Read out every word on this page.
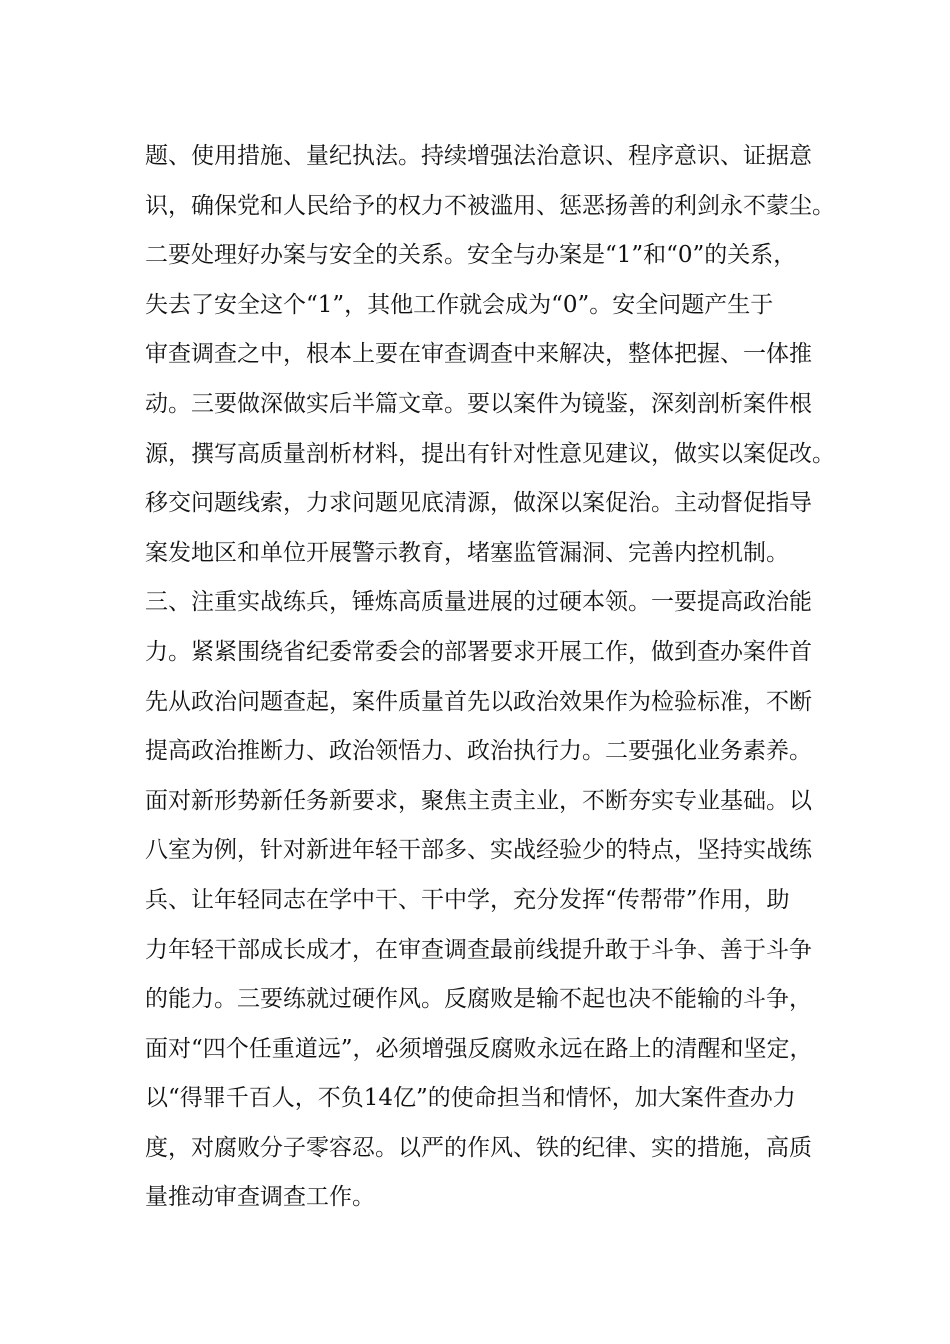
题、使用措施、量纪执法。持续增强法治意识、程序意识、证据意
识，确保党和人民给予的权力不被滥用、惩恶扬善的利剑永不蒙尘。
二要处理好办案与安全的关系。安全与办案是“1”和“0”的关系，
失去了安全这个“1”，其他工作就会成为“0”。安全问题产生于
审查调查之中，根本上要在审查调查中来解决，整体把握、一体推
动。三要做深做实后半篇文章。要以案件为镜鉴，深刻剖析案件根
源，撰写高质量剖析材料，提出有针对性意见建议，做实以案促改。
移交问题线索，力求问题见底清源，做深以案促治。主动督促指导
案发地区和单位开展警示教育，堵塞监管漏洞、完善内控机制。
三、注重实战练兵，锤炼高质量进展的过硬本领。一要提高政治能
力。紧紧围绕省纪委常委会的部署要求开展工作，做到查办案件首
先从政治问题查起，案件质量首先以政治效果作为检验标准，不断
提高政治推断力、政治领悟力、政治执行力。二要强化业务素养。
面对新形势新任务新要求，聚焦主责主业，不断夯实专业基础。以
八室为例，针对新进年轻干部多、实战经验少的特点，坚持实战练
兵、让年轻同志在学中干、干中学，充分发挥“传帮带”作用，助
力年轻干部成长成才，在审查调查最前线提升敢于斗争、善于斗争
的能力。三要练就过硬作风。反腐败是输不起也决不能输的斗争，
面对“四个任重道远”，必须增强反腐败永远在路上的清醒和坚定，
以“得罪千百人，不负14亿”的使命担当和情怀，加大案件查办力
度，对腐败分子零容忍。以严的作风、铁的纪律、实的措施，高质
量推动审查调查工作。
